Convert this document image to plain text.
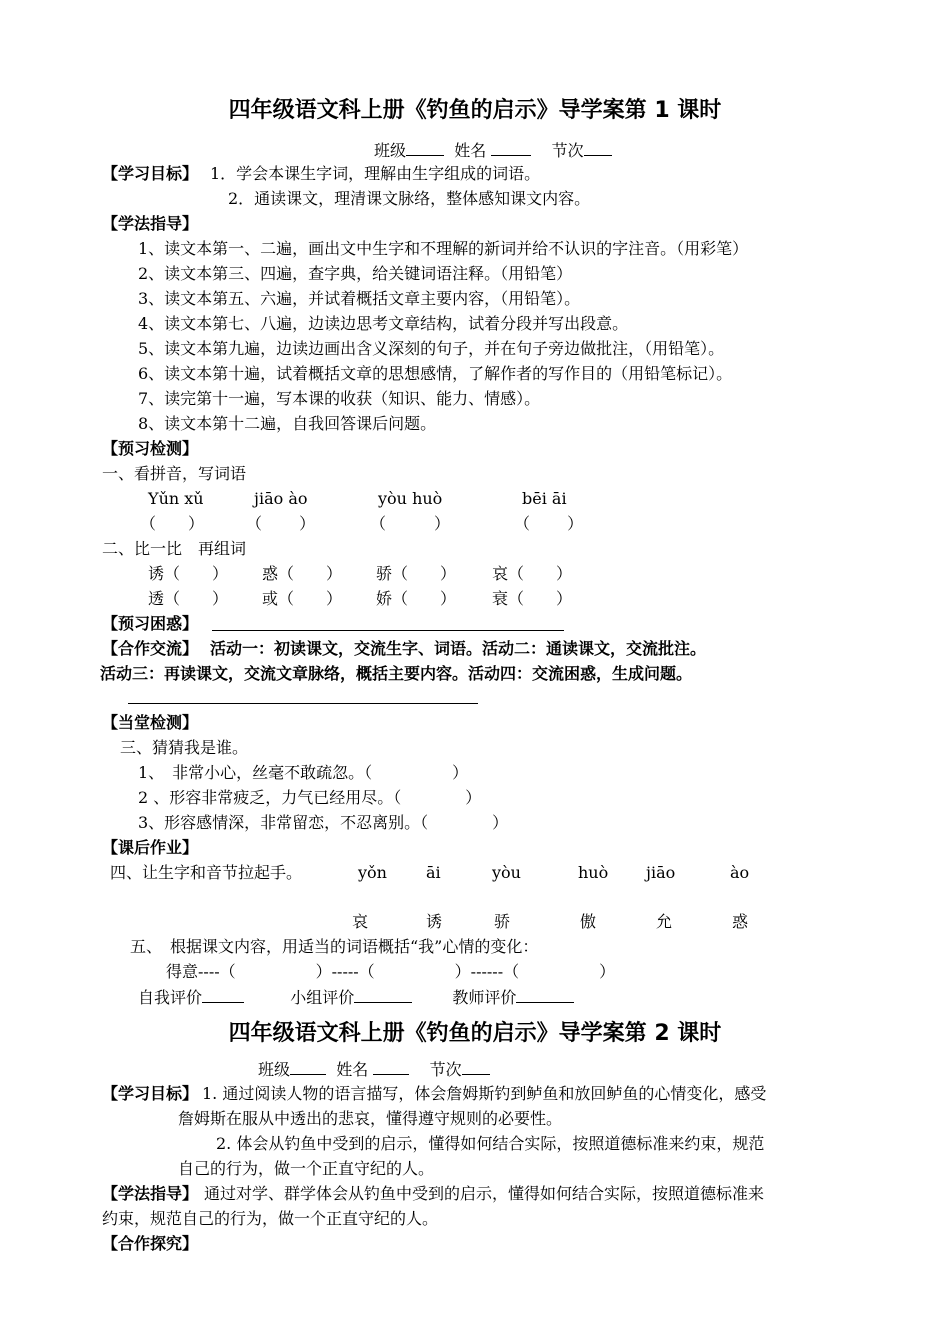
四年级语文科上册《钓鱼的启示》导学案第 1 课时
班级	姓名	节次
【学习目标】 1．学会本课生字词，理解由生字组成的词语。
2．通读课文，理清课文脉络，整体感知课文内容。
【学法指导】
1、读文本第一、二遍，画出文中生字和不理解的新词并给不认识的字注音。（用彩笔）
2、读文本第三、四遍，查字典，给关键词语注释。（用铅笔）
3、读文本第五、六遍，并试着概括文章主要内容，（用铅笔）。
4、读文本第七、八遍，边读边思考文章结构，试着分段并写出段意。
5、读文本第九遍，边读边画出含义深刻的句子，并在句子旁边做批注，（用铅笔）。
6、读文本第十遍，试着概括文章的思想感情，了解作者的写作目的（用铅笔标记）。
7、读完第十一遍，写本课的收获（知识、能力、情感）。
8、读文本第十二遍，自我回答课后问题。
【预习检测】
一、看拼音，写词语
Yǔn xǔ	jiāo ào	yòu huò	bēi āi
（　　）	（　　 ）	（　　　）	（　　 ）
二、比一比　再组词
诱（　　） 惑（　　） 骄（　　） 哀（　　）
透（　　） 或（　　） 娇（　　） 衰（　　）
【预习困惑】
【合作交流】 活动一：初读课文，交流生字、词语。活动二：通读课文，交流批注。
活动三：再读课文，交流文章脉络，概括主要内容。活动四：交流困惑，生成问题。
【当堂检测】
三、猜猜我是谁。
1、　非常小心，丝毫不敢疏忽。（　　　　　）
2 、形容非常疲乏，力气已经用尽。（　　　　）
3、形容感情深，非常留恋，不忍离别。（　　　　）
【课后作业】
四、让生字和音节拉起手。	yǒn āi	yòu	huò jiāo	ào
哀	诱	骄	傲	允	惑
五、　根据课文内容，用适当的词语概括“我”心情的变化：
得意----（　　　　　）-----（　　　　　）------（　　　　　）
自我评价	小组评价	教师评价
四年级语文科上册《钓鱼的启示》导学案第 2 课时
班级	姓名	节次
【学习目标】 1. 通过阅读人物的语言描写，体会詹姆斯钓到鲈鱼和放回鲈鱼的心情变化，感受
詹姆斯在服从中透出的悲哀，懂得遵守规则的必要性。
2. 体会从钓鱼中受到的启示，懂得如何结合实际，按照道德标准来约束，规范
自己的行为，做一个正直守纪的人。
【学法指导】 通过对学、群学体会从钓鱼中受到的启示，懂得如何结合实际，按照道德标准来
约束，规范自己的行为，做一个正直守纪的人。
【合作探究】
